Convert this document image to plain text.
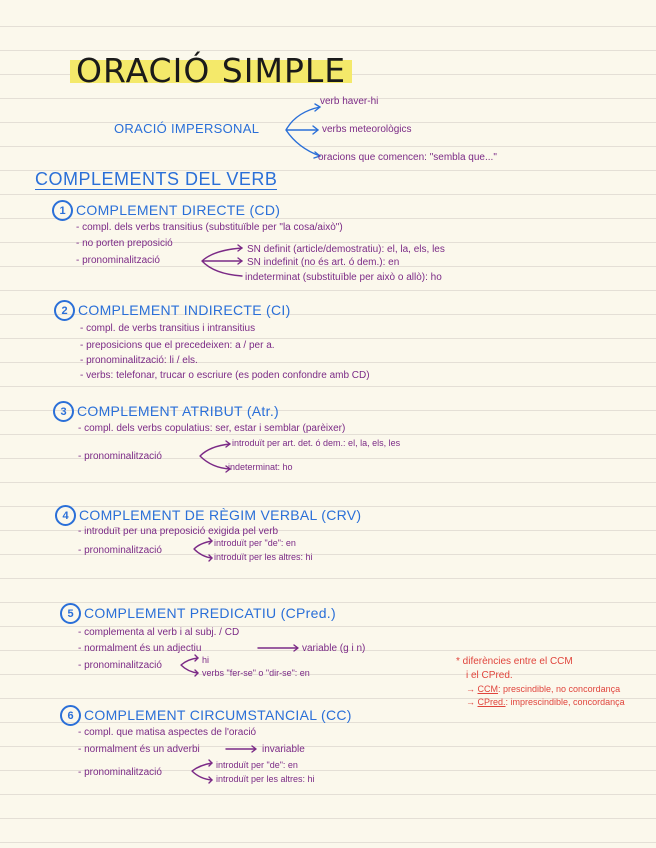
ORACIÓ SIMPLE
ORACIÓ IMPERSONAL
verb haver-hi
verbs meteorològics
oracions que comencen: "sembla que..."
COMPLEMENTS DEL VERB
1 COMPLEMENT DIRECTE (CD)
- compl. dels verbs transitius (substituïble per "la cosa/això")
- no porten preposició
- pronominalització
SN definit (article/demostratiu): el, la, els, les
SN indefinit (no és art. ó dem.): en
indeterminat (substituïble per això o allò): ho
2 COMPLEMENT INDIRECTE (CI)
- compl. de verbs transitius i intransitius
- preposicions que el precedeixen: a / per a.
- pronominalització: li / els.
- verbs: telefonar, trucar o escriure (es poden confondre amb CD)
3 COMPLEMENT ATRIBUT (Atr.)
- compl. dels verbs copulatius: ser, estar i semblar (parèixer)
- pronominalització
introduït per art. det. ó dem.: el, la, els, les
indeterminat: ho
4 COMPLEMENT DE RÈGIM VERBAL (CRV)
- introduït per una preposició exigida pel verb
- pronominalització
introduït per "de": en
introduït per les altres: hi
5 COMPLEMENT PREDICATIU (CPred.)
- complementa al verb i al subj. / CD
- normalment és un adjectiu	variable (g i n)
- pronominalització	hi
verbs "fer-se" o "dir-se": en
* diferències entre el CCM
i el CPred.
→ CCM: prescindible, no concordança
→ CPred.: imprescindible, concordança
6 COMPLEMENT CIRCUMSTANCIAL (CC)
- compl. que matisa aspectes de l'oració
- normalment és un adverbi	invariable
- pronominalització
introduït per "de": en
introduït per les altres: hi
